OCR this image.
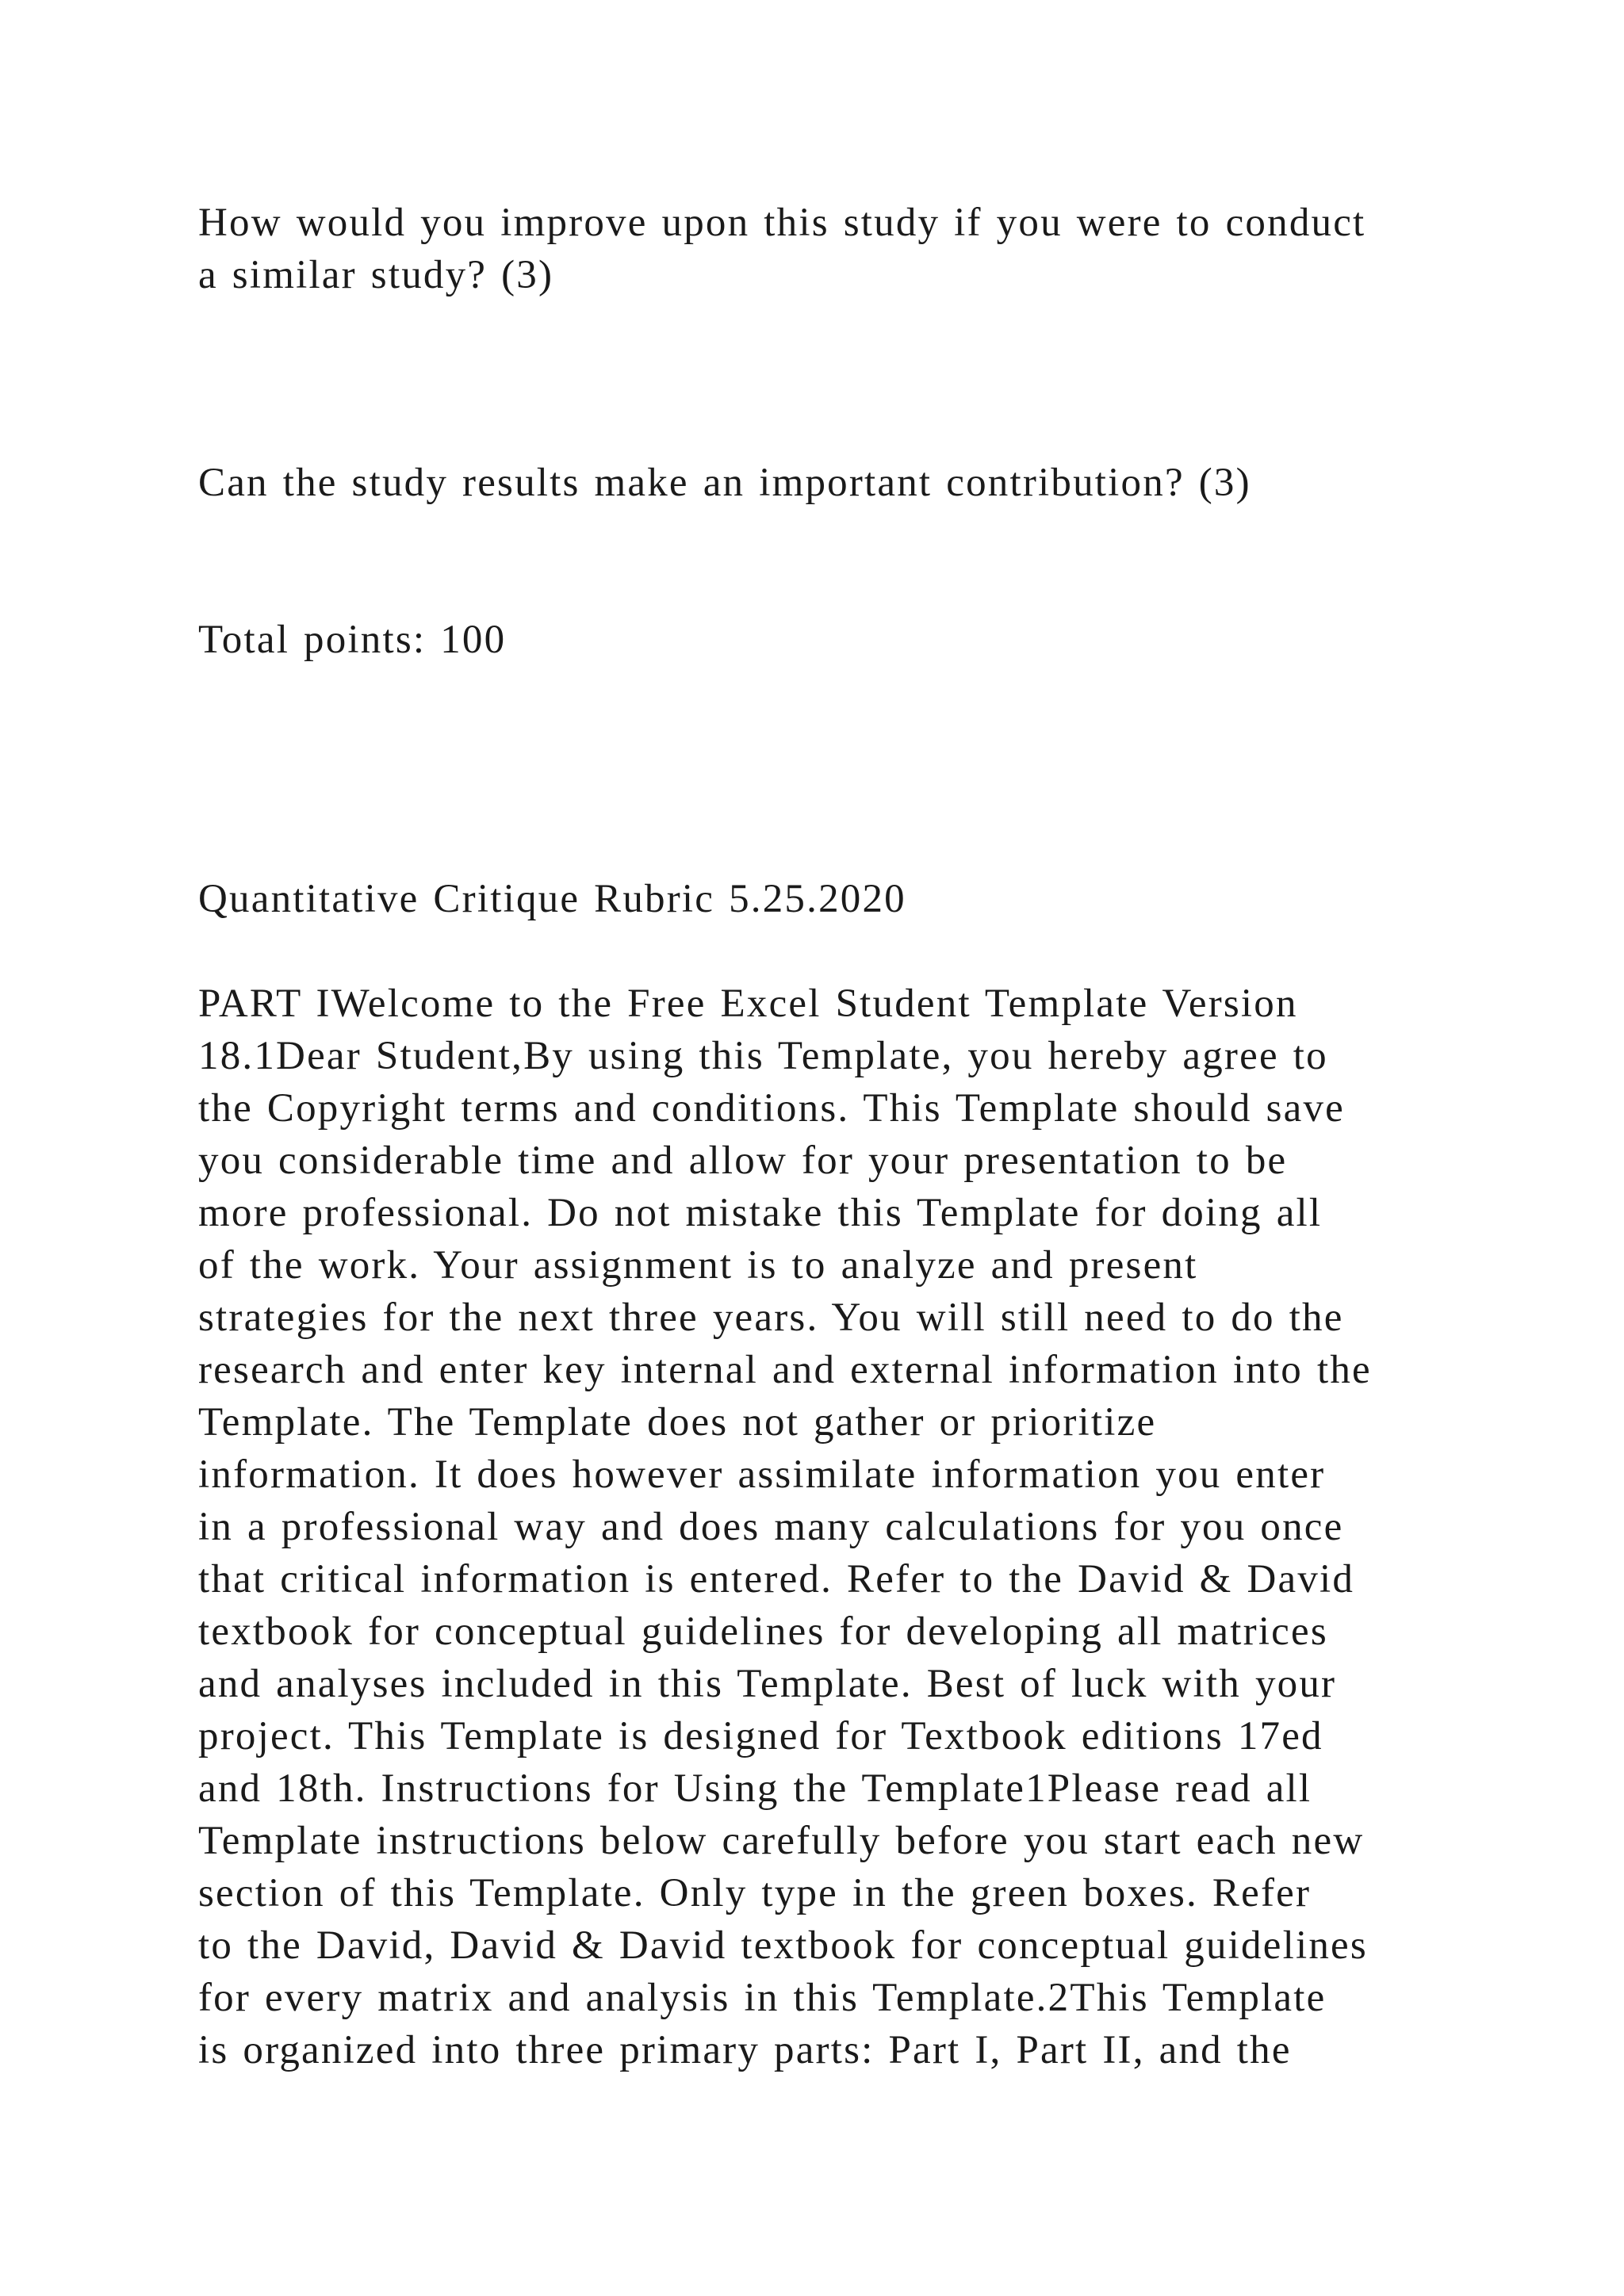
How would you improve upon this study if you were to conduct
a similar study? (3)

Can the study results make an important contribution? (3)

Total points: 100

Quantitative Critique Rubric 5.25.2020

PART IWelcome to the Free Excel Student Template Version
18.1Dear Student,By using this Template, you hereby agree to
the Copyright terms and conditions. This Template should save
you considerable time and allow for your presentation to be
more professional. Do not mistake this Template for doing all
of the work. Your assignment is to analyze and present
strategies for the next three years. You will still need to do the
research and enter key internal and external information into the
Template. The Template does not gather or prioritize
information. It does however assimilate information you enter
in a professional way and does many calculations for you once
that critical information is entered. Refer to the David & David
textbook for conceptual guidelines for developing all matrices
and analyses included in this Template. Best of luck with your
project. This Template is designed for Textbook editions 17ed
and 18th. Instructions for Using the Template1Please read all
Template instructions below carefully before you start each new
section of this Template. Only type in the green boxes. Refer
to the David, David & David textbook for conceptual guidelines
for every matrix and analysis in this Template.2This Template
is organized into three primary parts: Part I, Part II, and the
